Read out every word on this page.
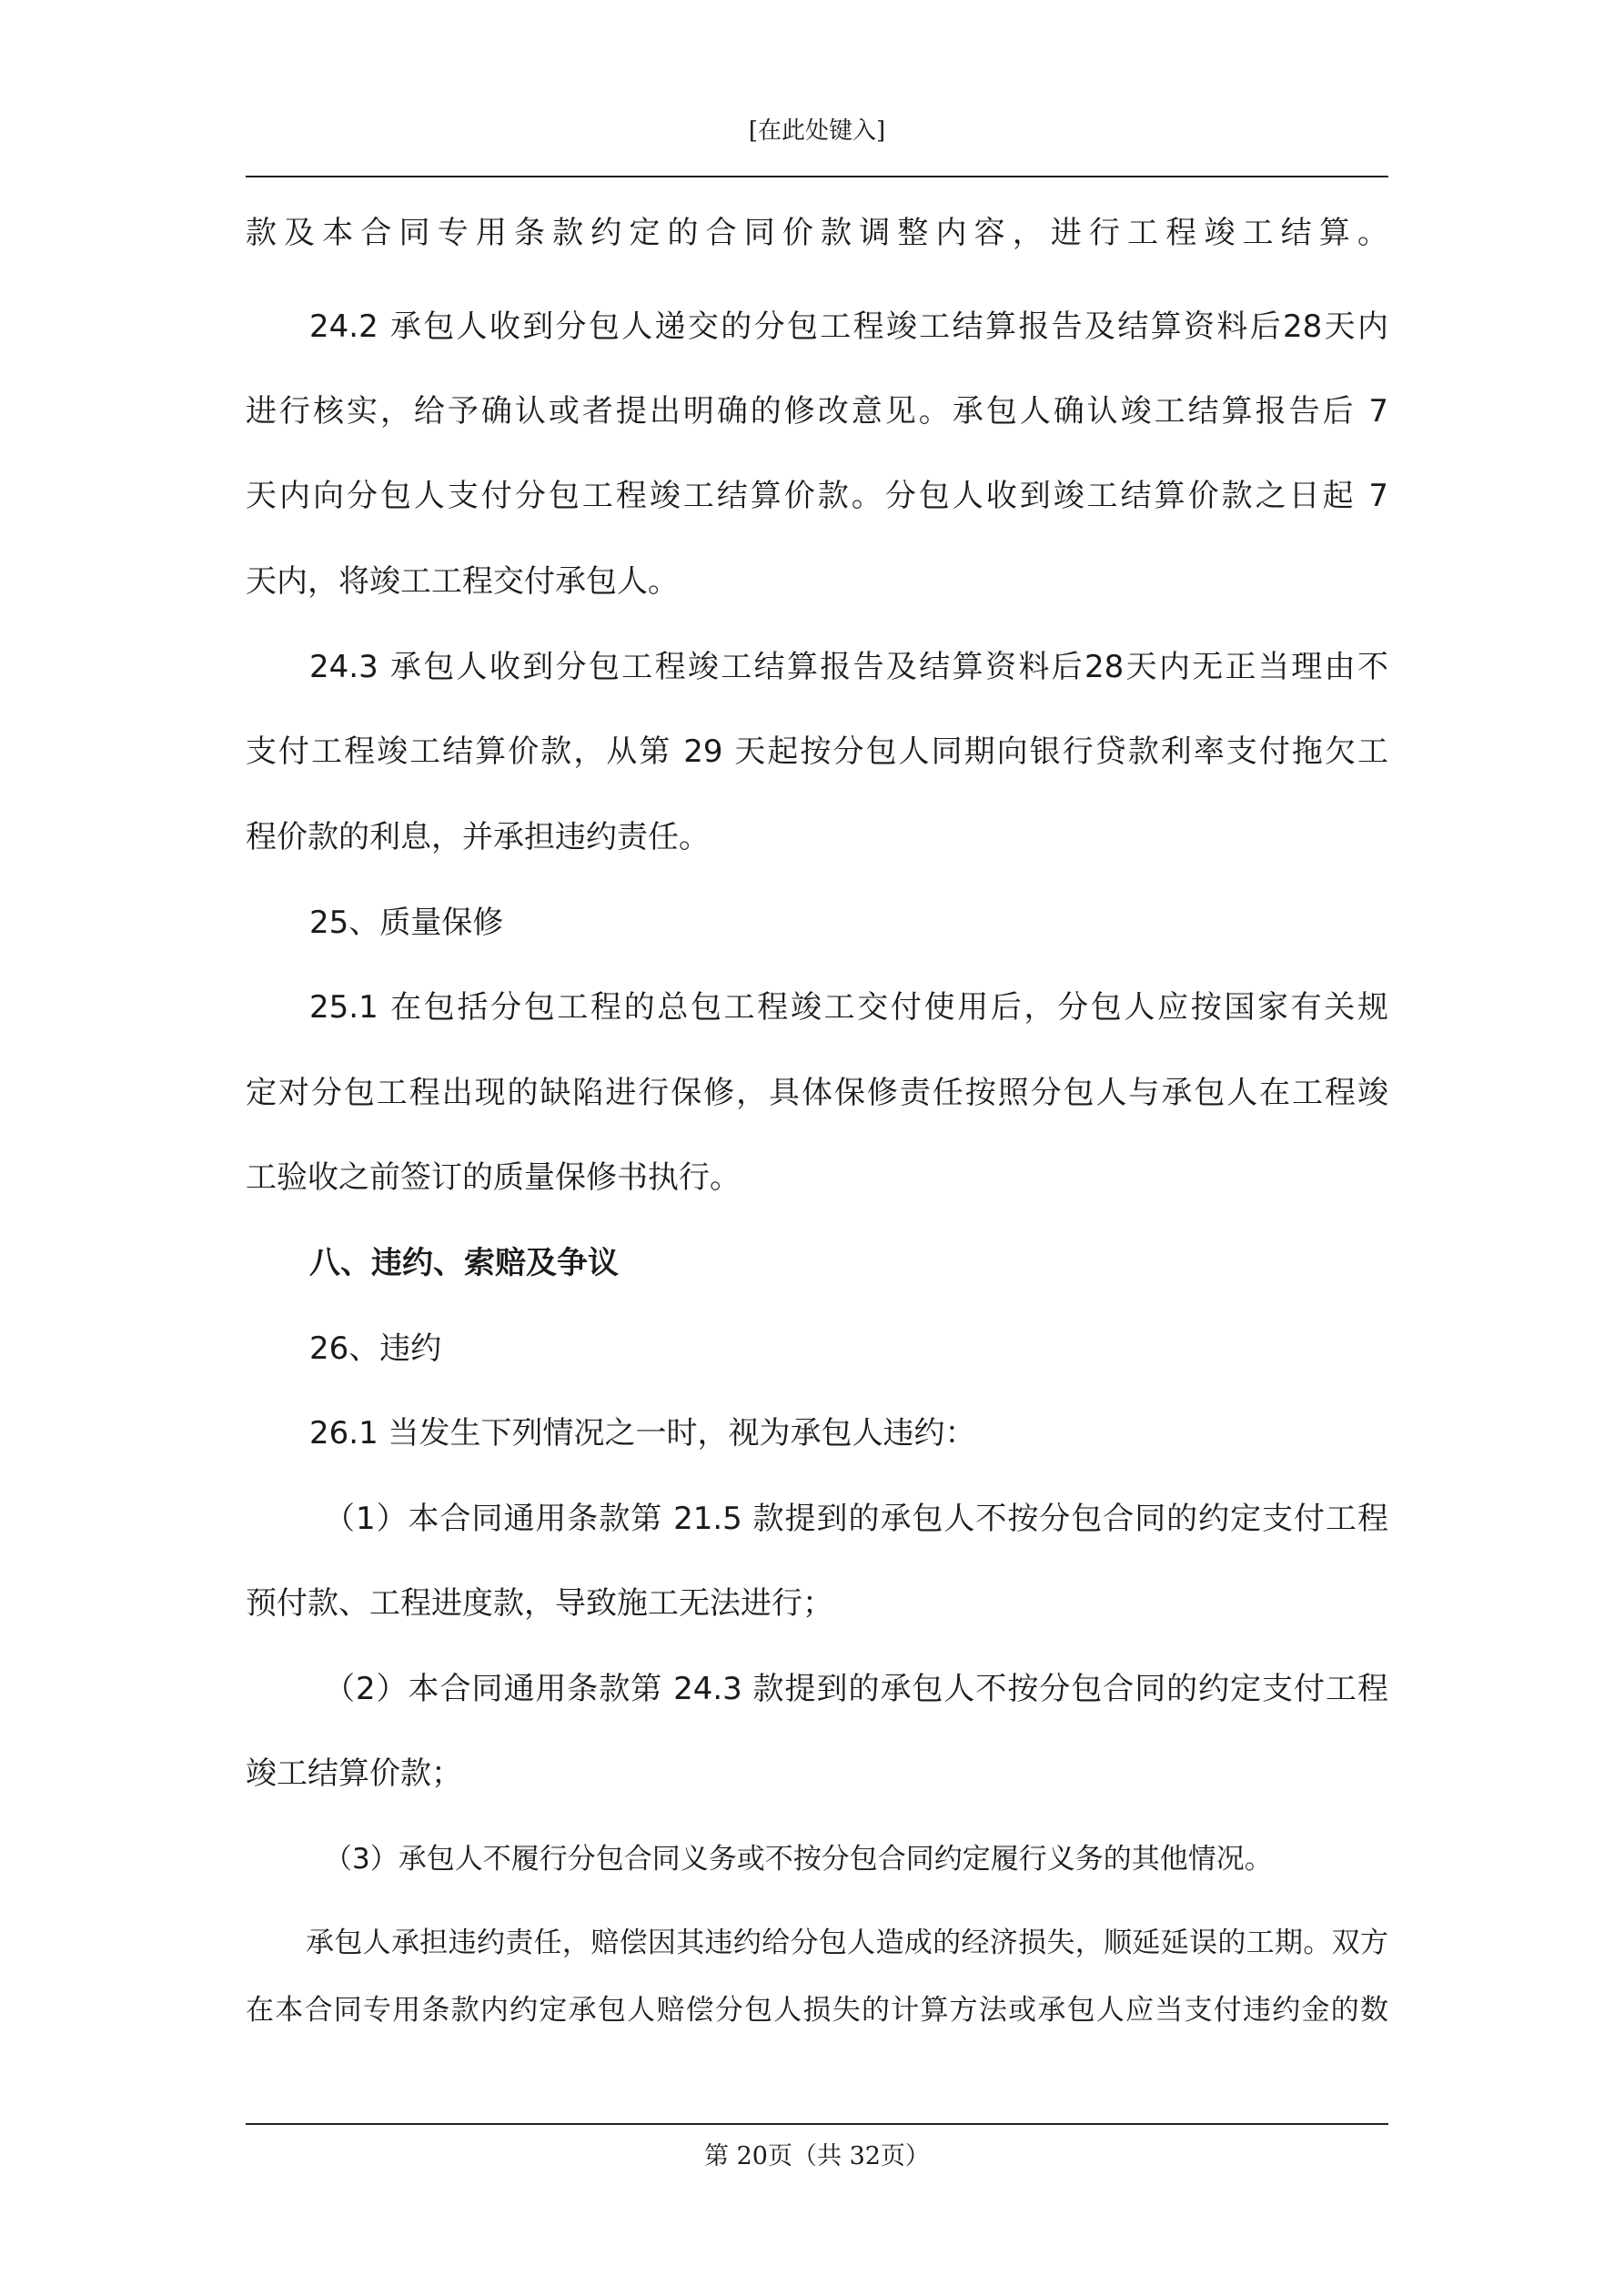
[在此处键入]
款及本合同专用条款约定的合同价款调整内容，进行工程竣工结算。
24.2 承包人收到分包人递交的分包工程竣工结算报告及结算资料后28天内
进行核实，给予确认或者提出明确的修改意见。承包人确认竣工结算报告后 7
天内向分包人支付分包工程竣工结算价款。分包人收到竣工结算价款之日起 7
天内，将竣工工程交付承包人。
24.3 承包人收到分包工程竣工结算报告及结算资料后28天内无正当理由不
支付工程竣工结算价款，从第 29 天起按分包人同期向银行贷款利率支付拖欠工
程价款的利息，并承担违约责任。
25、质量保修
25.1 在包括分包工程的总包工程竣工交付使用后，分包人应按国家有关规
定对分包工程出现的缺陷进行保修，具体保修责任按照分包人与承包人在工程竣
工验收之前签订的质量保修书执行。
八、违约、索赔及争议
26、违约
26.1 当发生下列情况之一时，视为承包人违约：
（1）本合同通用条款第 21.5 款提到的承包人不按分包合同的约定支付工程
预付款、工程进度款，导致施工无法进行；
（2）本合同通用条款第 24.3 款提到的承包人不按分包合同的约定支付工程
竣工结算价款；
（3）承包人不履行分包合同义务或不按分包合同约定履行义务的其他情况。
承包人承担违约责任，赔偿因其违约给分包人造成的经济损失，顺延延误的工期。双方
在本合同专用条款内约定承包人赔偿分包人损失的计算方法或承包人应当支付违约金的数
第 20页（共 32页）
